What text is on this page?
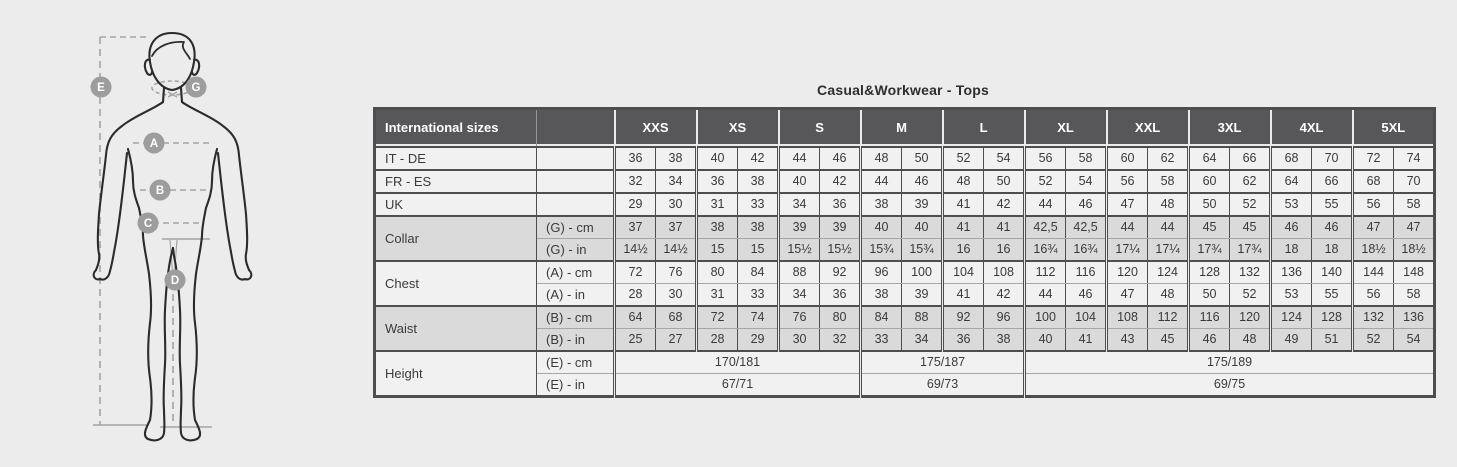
E	G
A
B
C
D
Casual&Workwear - Tops
International sizes		XXS		XS		S		M		L		XL		XXL		3XL		4XL		5XL	
IT - DE		36	38	40	42	44	46	48	50	52	54	56	58	60	62	64	66	68	70	72	74
FR - ES		32	34	36	38	40	42	44	46	48	50	52	54	56	58	60	62	64	66	68	70
UK		29	30	31	33	34	36	38	39	41	42	44	46	47	48	50	52	53	55	56	58
Collar	(G) - cm	37	37	38	38	39	39	40	40	41	41	42,5	42,5	44	44	45	45	46	46	47	47
	(G) - in	14½	14½	15	15	15½	15½	15¾	15¾	16	16	16¾	16¾	17¼	17¼	17¾	17¾	18	18	18½	18½
Chest	(A) - cm	72	76	80	84	88	92	96	100	104	108	112	116	120	124	128	132	136	140	144	148
	(A) - in	28	30	31	33	34	36	38	39	41	42	44	46	47	48	50	52	53	55	56	58
Waist	(B) - cm	64	68	72	74	76	80	84	88	92	96	100	104	108	112	116	120	124	128	132	136
	(B) - in	25	27	28	29	30	32	33	34	36	38	40	41	43	45	46	48	49	51	52	54
Height	(E) - cm	170/181						175/187				175/189									
	(E) - in	67/71						69/73				69/75									
